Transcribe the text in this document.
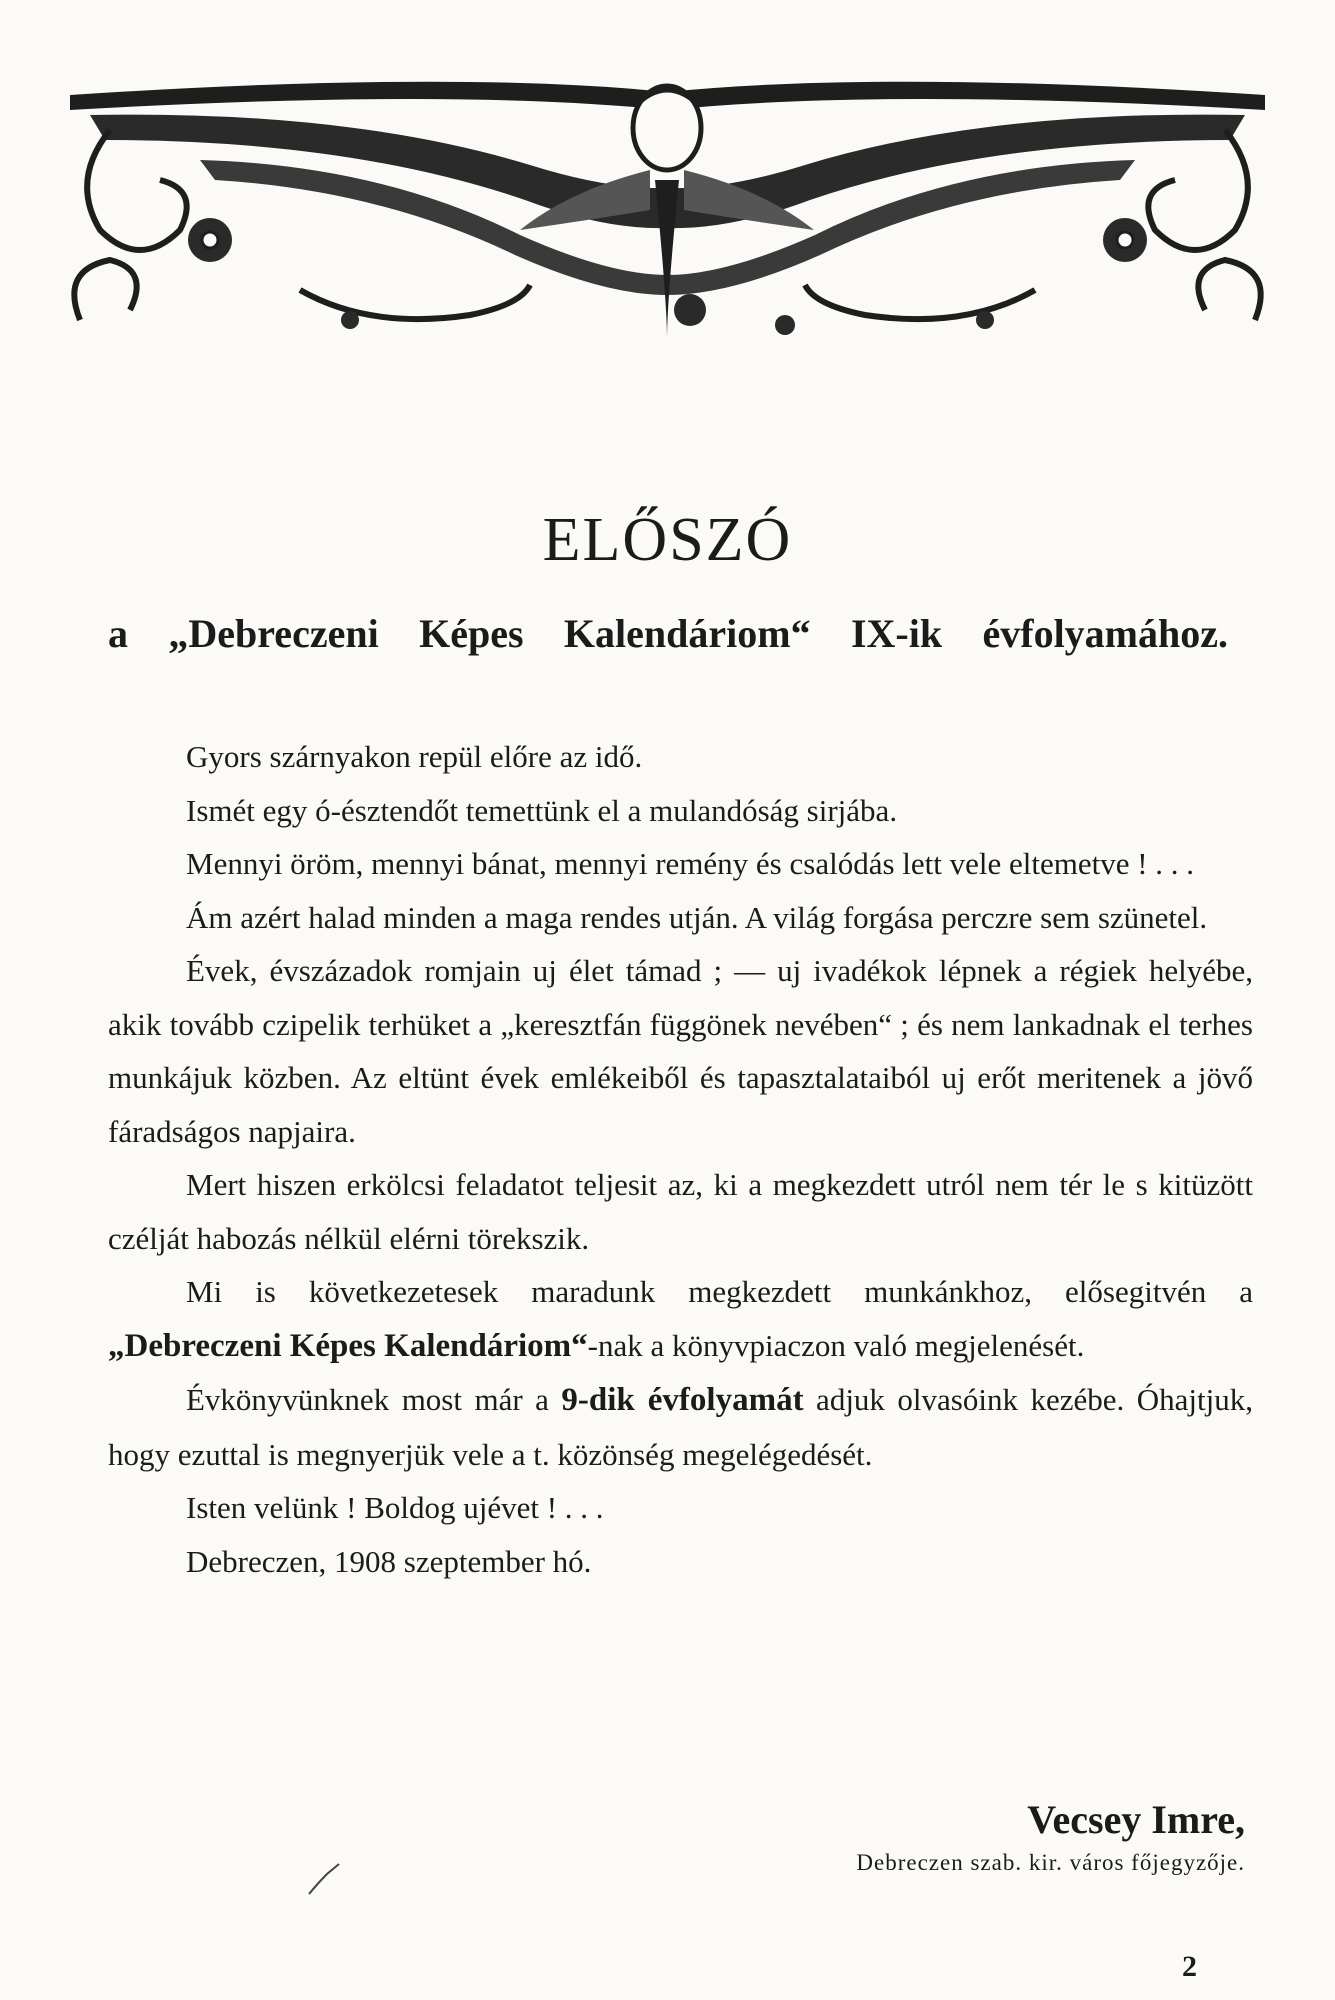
ELŐSZÓ
a „Debreczeni Képes Kalendáriom“ IX-ik évfolyamához.

Gyors szárnyakon repül előre az idő.

Ismét egy ó-észtendőt temettünk el a mulandóság sirjába.

Mennyi öröm, mennyi bánat, mennyi remény és csalódás lett vele eltemetve ! . . .

Ám azért halad minden a maga rendes utján. A világ forgása perczre sem szünetel.

Évek, évszázadok romjain uj élet támad ; — uj ivadékok lépnek a régiek helyébe, akik tovább czipelik terhüket a „keresztfán függönek nevében“ ; és nem lankadnak el terhes munkájuk közben. Az eltünt évek emlékeiből és tapasztalataiból uj erőt meritenek a jövő fáradságos napjaira.

Mert hiszen erkölcsi feladatot teljesit az, ki a megkezdett utról nem tér le s kitüzött czélját habozás nélkül elérni törekszik.

Mi is következetesek maradunk megkezdett munkánkhoz, elősegitvén a „Debreczeni Képes Kalendáriom“-nak a könyvpiaczon való megjelenését.

Évkönyvünknek most már a 9-dik évfolyamát adjuk olvasóink kezébe. Óhajtjuk, hogy ezuttal is megnyerjük vele a t. közönség megelégedését.

Isten velünk ! Boldog ujévet ! . . .

Debreczen, 1908 szeptember hó.

Vecsey Imre,
Debreczen szab. kir. város főjegyzője.
2
